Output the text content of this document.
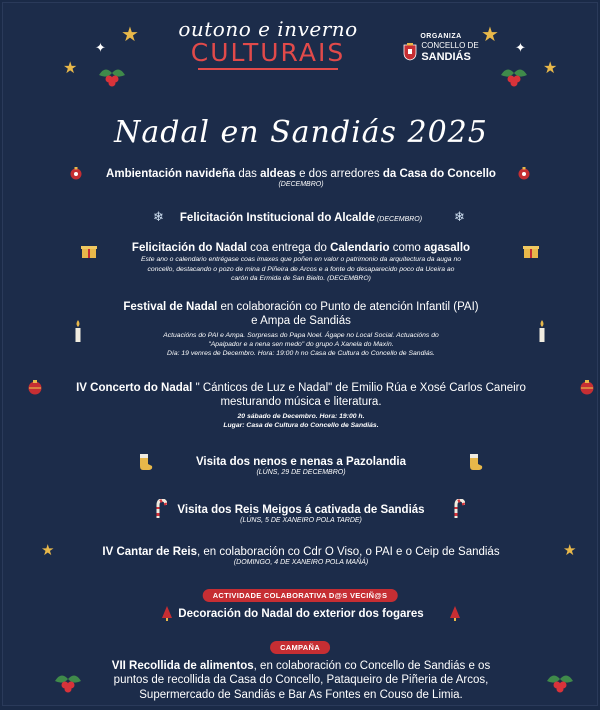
✦
★
★
★
✦
★
outono e inverno
CULTURAIS
ORGANIZA
CONCELLO DE
SANDIÁS
Nadal en Sandiás 2025
Ambientación navideña das aldeas e dos arredores da Casa do Concello
(DECEMBRO)
❄	❄
Felicitación Institucional do Alcalde (DECEMBRO)
Felicitación do Nadal coa entrega do Calendario como agasallo
Este ano o calendario entrégase coas imaxes que poñen en valor o patrimonio da arquitectura da auga no
concello, destacando o pozo de mina d Piñeira de Arcos e a fonte do desaparecido poco da Uceira ao
carón da Ermida de San Bieito. (DECEMBRO)
Festival de Nadal en colaboración co Punto de atención Infantil (PAI)
e Ampa de Sandiás
Actuacións do PAI e Ampa. Sorpresas do Papa Noel. Ágape no Local Social. Actuacións do
"Apalpador e a nena sen medo" do grupo A Xanela do Maxín.
Día: 19 venres de Decembro. Hora: 19:00 h no Casa de Cultura do Concello de Sandiás.
IV Concerto do Nadal " Cánticos de Luz e Nadal" de Emilio Rúa e Xosé Carlos Caneiro
mesturando música e literatura.
20 sábado de Decembro. Hora: 19:00 h.
Lugar: Casa de Cultura do Concello de Sandiás.
Visita dos nenos e nenas a Pazolandia
(LÚNS, 29 DE DECEMBRO)
Visita dos Reis Meigos á cativada de Sandiás
(LÚNS, 5 DE XANEIRO POLA TARDE)
★	★
IV Cantar de Reis, en colaboración co Cdr O Viso, o PAI e o Ceip de Sandiás
(DOMINGO, 4 DE XANEIRO POLA MAÑÁ)
ACTIVIDADE COLABORATIVA D@S VECIÑ@S
Decoración do Nadal do exterior dos fogares
CAMPAÑA
VII Recollida de alimentos, en colaboración co Concello de Sandiás e os
puntos de recollida da Casa do Concello, Pataqueiro de Piñeria de Arcos,
Supermercado de Sandiás e Bar As Fontes en Couso de Limia.
